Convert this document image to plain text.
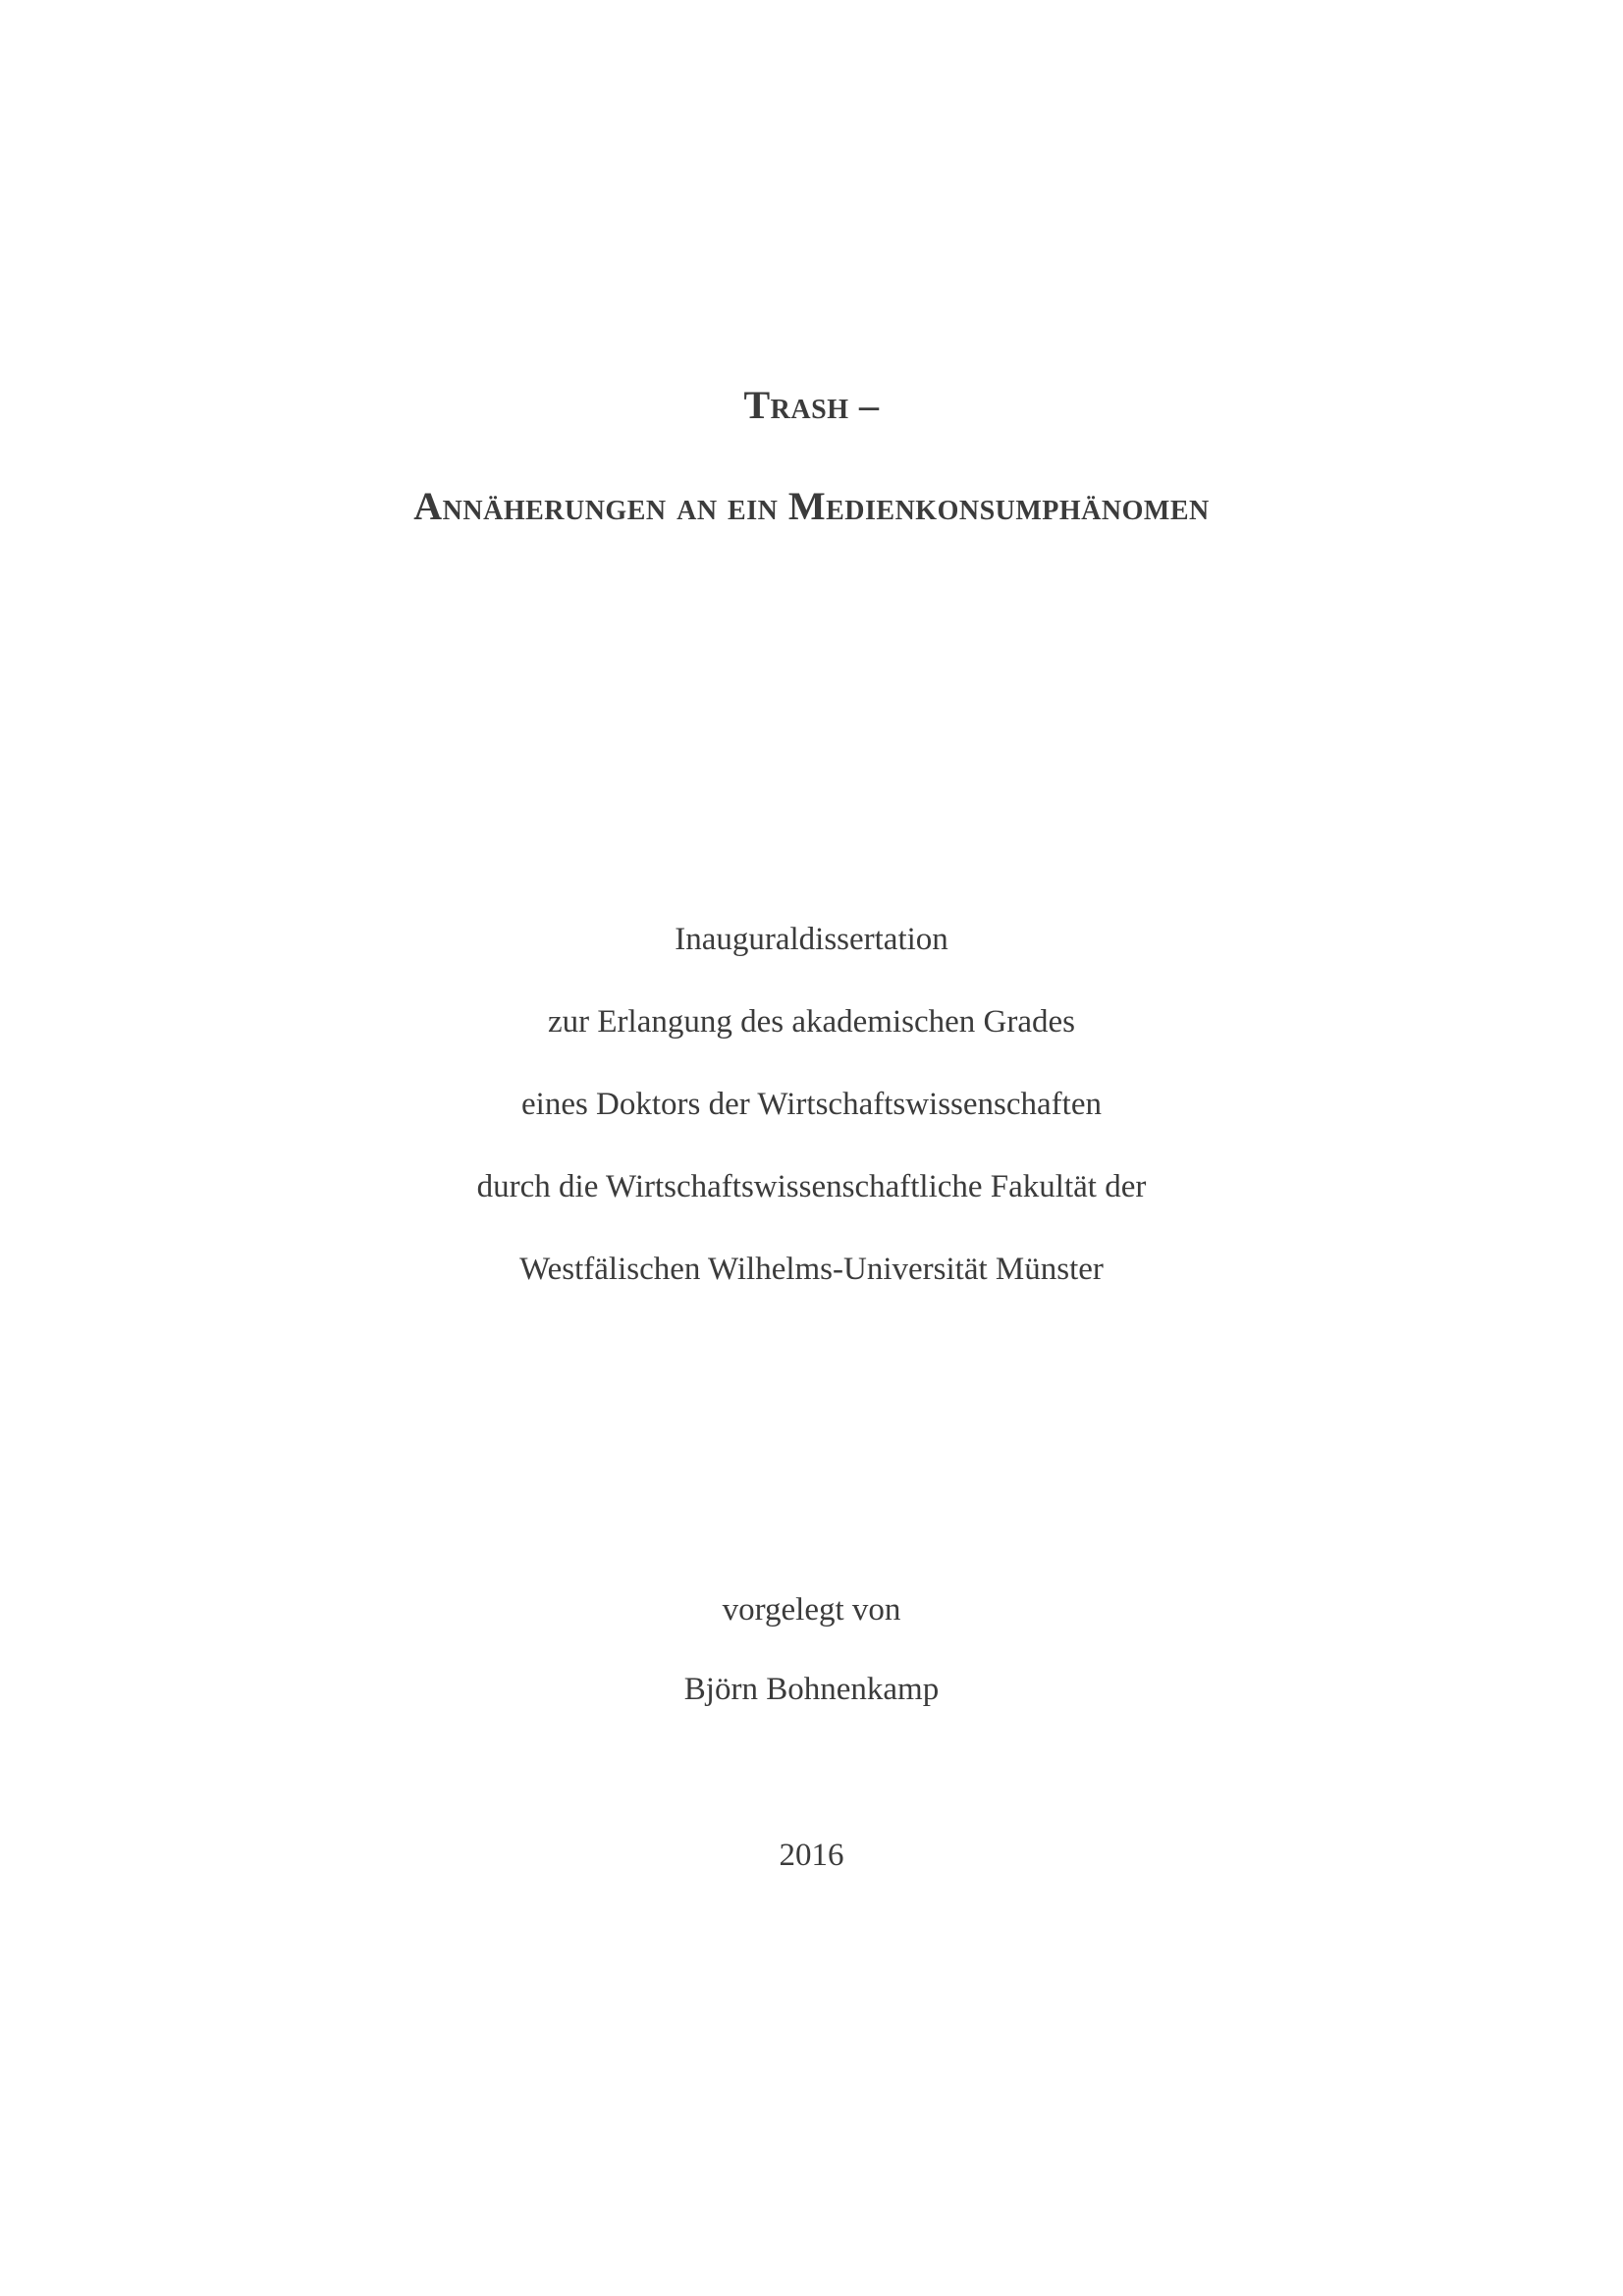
Trash –
Annäherungen an ein Medienkonsumphänomen
Inauguraldissertation
zur Erlangung des akademischen Grades
eines Doktors der Wirtschaftswissenschaften
durch die Wirtschaftswissenschaftliche Fakultät der
Westfälischen Wilhelms-Universität Münster
vorgelegt von
Björn Bohnenkamp
2016
